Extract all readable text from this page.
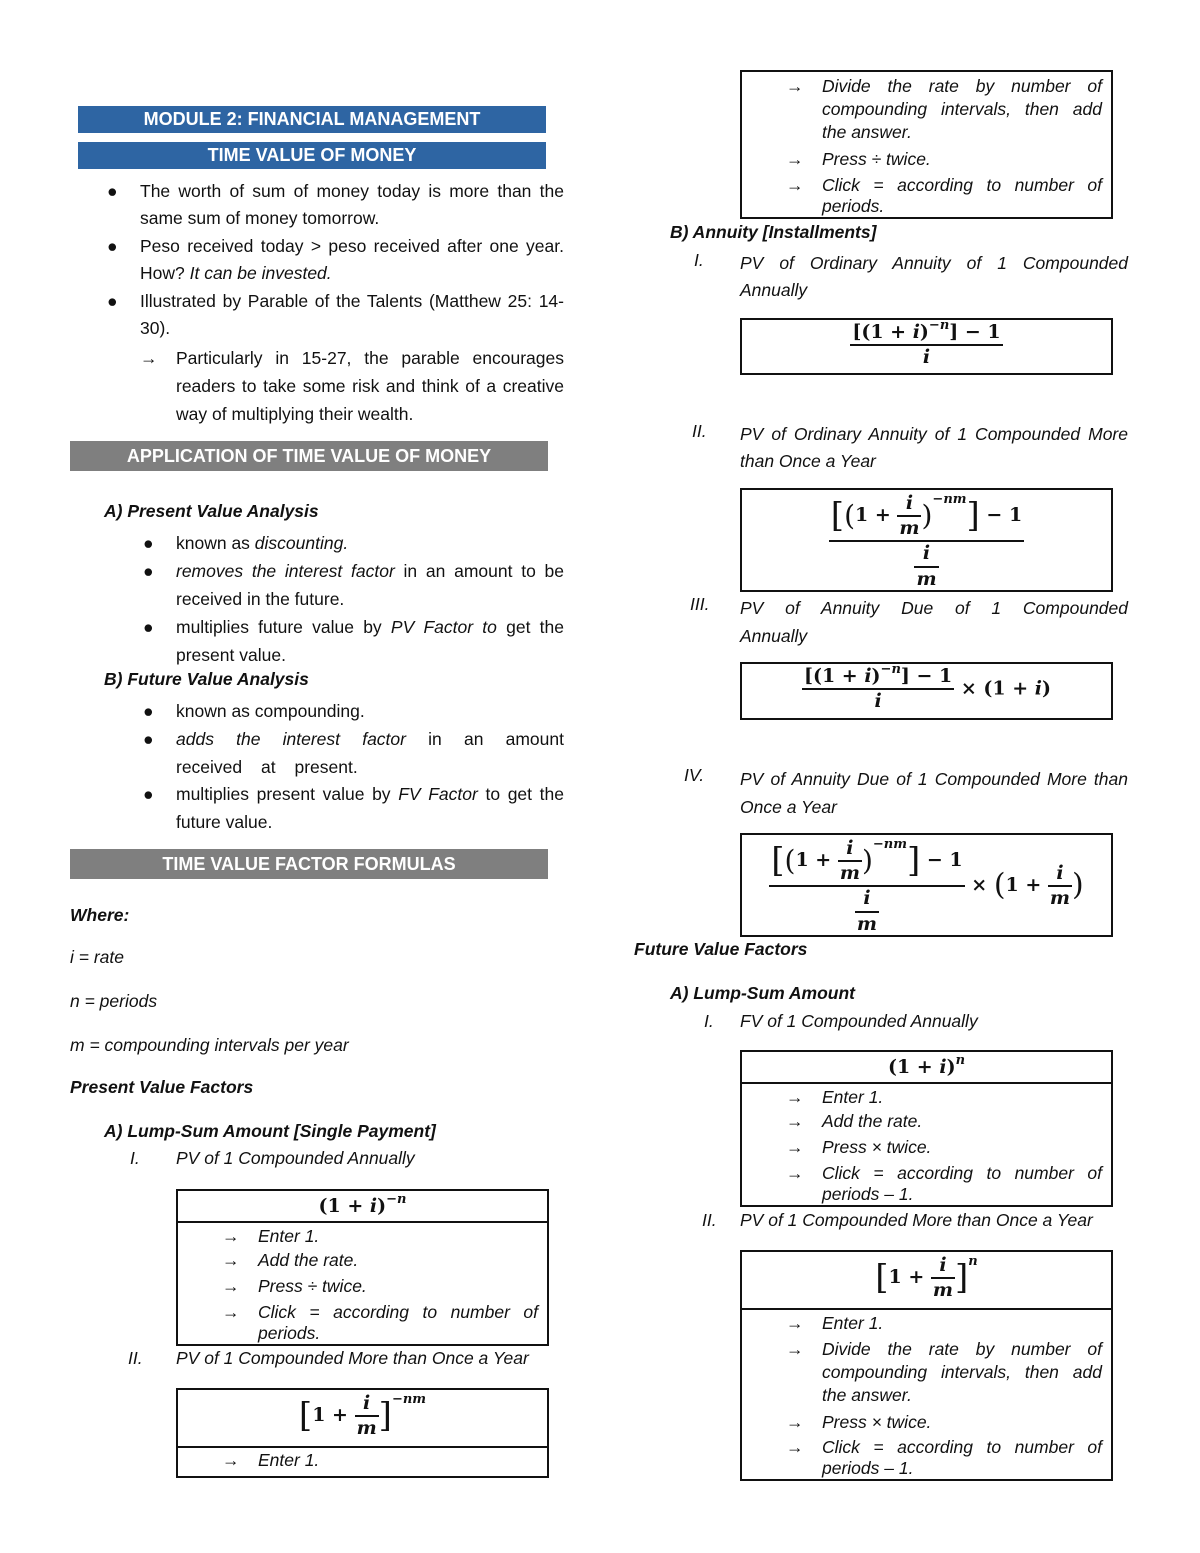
MODULE 2: FINANCIAL MANAGEMENT
TIME VALUE OF MONEY
● The worth of sum of money today is more than the same sum of money tomorrow.
● Peso received today > peso received after one year. How? It can be invested.
● Illustrated by Parable of the Talents (Matthew 25: 14-30).
→ Particularly in 15-27, the parable encourages readers to take some risk and think of a creative way of multiplying their wealth.
APPLICATION OF TIME VALUE OF MONEY
A) Present Value Analysis
● known as discounting.
● removes the interest factor in an amount to be received in the future.
● multiplies future value by PV Factor to get the present value.
B) Future Value Analysis
● known as compounding.
● adds the interest factor in an amount received at present.
● multiplies present value by FV Factor to get the future value.
TIME VALUE FACTOR FORMULAS
Where:
i = rate
n = periods
m = compounding intervals per year
Present Value Factors
A) Lump-Sum Amount [Single Payment]
I. PV of 1 Compounded Annually
$(1 + i)^{-n}$
→ Enter 1.
→ Add the rate.
→ Press ÷ twice.
→ Click = according to number of periods.
II. PV of 1 Compounded More than Once a Year
$[1 + \frac{i}{m} ]^{-nm}$
→ Enter 1.
→ Divide the rate by number of compounding intervals, then add the answer.
→ Press ÷ twice.
→ Click = according to number of periods.
B) Annuity [Installments]
I. PV of Ordinary Annuity of 1 Compounded Annually
$\frac{[(1 + i)^{-n}] - 1}{i}$
II. PV of Ordinary Annuity of 1 Compounded More than Once a Year
$\frac{[(1 + \frac{i}{m} )^{-nm}] - 1}{\frac{i}{m}}$
III. PV of Annuity Due of 1 Compounded Annually
$\frac{[(1 + i)^{-n}] - 1}{i} \times (1 + i)$
IV. PV of Annuity Due of 1 Compounded More than Once a Year
$\frac{[(1 + \frac{i}{m} )^{-nm}] - 1}{\frac{i}{m}} \times (1 + \frac{i}{m}$ )
Future Value Factors
A) Lump-Sum Amount
I. FV of 1 Compounded Annually
$(1 + i)^n$
→ Enter 1.
→ Add the rate.
→ Press × twice.
→ Click = according to number of periods – 1.
II. PV of 1 Compounded More than Once a Year
$[1 + \frac{i}{m} ]^n$
→ Enter 1.
→ Divide the rate by number of compounding intervals, then add the answer.
→ Press × twice.
→ Click = according to number of periods – 1.
